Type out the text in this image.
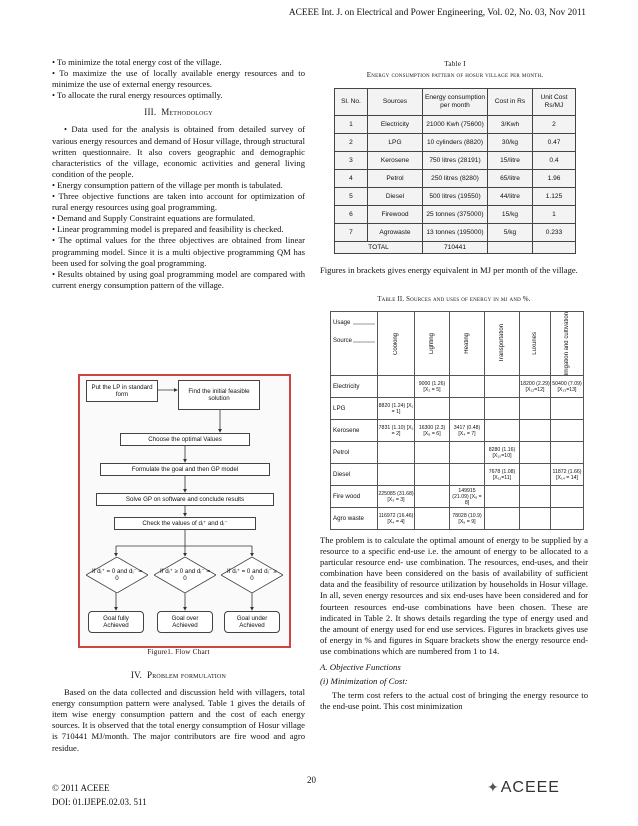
ACEEE Int. J. on Electrical and Power Engineering, Vol. 02, No. 03, Nov 2011

• To minimize the total energy cost of the village.

• To maximize the use of locally available energy resources and to minimize the use of external energy resources.

• To allocate the rural energy resources optimally.

III. Methodology

• Data used for the analysis is obtained from detailed survey of various energy resources and demand of Hosur village, through structural written questionnaire. It also covers geographic and demographic characteristics of the village, economic activities and general living condition of the people.

• Energy consumption pattern of the village per month is tabulated.

• Three objective functions are taken into account for optimization of rural energy resources using goal programming.

• Demand and Supply Constraint equations are formulated.

• Linear programming model is prepared and feasibility is checked.

• The optimal values for the three objectives are obtained from linear programming model. Since it is a multi objective programming QM has been used for solving the goal programming.

• Results obtained by using goal programming model are compared with current energy consumption pattern of the village.

Put the LP in standard form	Find the initial feasible solution
Choose the optimal Values
Formulate the goal and then GP model
Solve GP on software and conclude results
Check the values of dᵢ⁺ and dᵢ⁻
If dᵢ⁺ = 0 and dᵢ⁻ = 0
If dᵢ⁺ ≥ 0 and dᵢ⁻ = 0
If dᵢ⁺ = 0 and dᵢ⁻ ≥ 0
Goal fully Achieved
Goal over Achieved
Goal under Achieved
Figure1. Flow Chart
IV. Problem formulation

Based on the data collected and discussion held with villagers, total energy consumption pattern were analysed. Table 1 gives the details of item wise energy consumption pattern and the cost of each energy sources. It is observed that the total energy consumption of Hosur village is 710441 MJ/month. The major contributors are fire wood and agro residue.

Table I
Energy consumption pattern of hosur village per month.
Sl. No.	Sources	Energy consumption per month	Cost in Rs	Unit Cost Rs/MJ
1	Electricity	21000 Kwh (75600)	3/Kwh	2
2	LPG	10 cylinders (8820)	30/kg	0.47
3	Kerosene	750 litres (28191)	15/litre	0.4
4	Petrol	250 litres (8280)	65/litre	1.96
5	Diesel	500 litres (19550)	44/litre	1.125
6	Firewood	25 tonnes (375000)	15/kg	1
7	Agrowaste	13 tonnes (195000)	5/kg	0.233
TOTAL		710441		
Figures in brackets gives energy equivalent in MJ per month of the village.
Table II. Sources and uses of energy in mj and %.
Usage
Source	Cooking	Lighting	Heating	Transportation	Luxuries	Irrigation and cultivation

Electricity		9000 (1.26) [X₂ = 5]			18200 (2.29) [X₁₂=12]	50400 (7.09) [X₁₃=13]
LPG	8820 (1.24) [X₁ = 1]					
Kerosene	7831 (1.10) [X₁ = 2]	16300 (2.3) [X₈ = 6]	3417 (0.48) [X₄ = 7]			
Petrol				8280 (1.16) [X₁₀=10]		
Diesel				7678 (1.08) [X₁₁=11]		11872 (1.66) [X₁₄ = 14]
Fire wood	225085 (31.68) [X₃ = 3]		149915 (21.09) [X₈ = 8]			
Agro waste	116972 (16.46) [X₄ = 4]		78028 (10.9) [X₉ = 9]			

The problem is to calculate the optimal amount of energy to be supplied by a resource to a specific end-use i.e. the amount of energy to be allocated to a particular resource end- use combination. The resources, end-uses, and their combination have been considered on the basis of availability of sufficient data and the feasibility of resource utilization by households in Hosur village. In all, seven energy resources and six end-uses have been considered and for fourteen resources end-use combinations have been chosen. These are indicated in Table 2. It shows details regarding the type of energy used and the amount of energy used for end use services. Figures in brackets gives use of energy in % and figures in Square brackets show the energy resource end-use combinations which are numbered from 1 to 14.

A. Objective Functions
(i) Minimization of Cost:

The term cost refers to the actual cost of bringing the energy resource to the end-use point. This cost minimization

© 2011 ACEEE
DOI: 01.IJEPE.02.03. 511
20
✦ ACEEE
